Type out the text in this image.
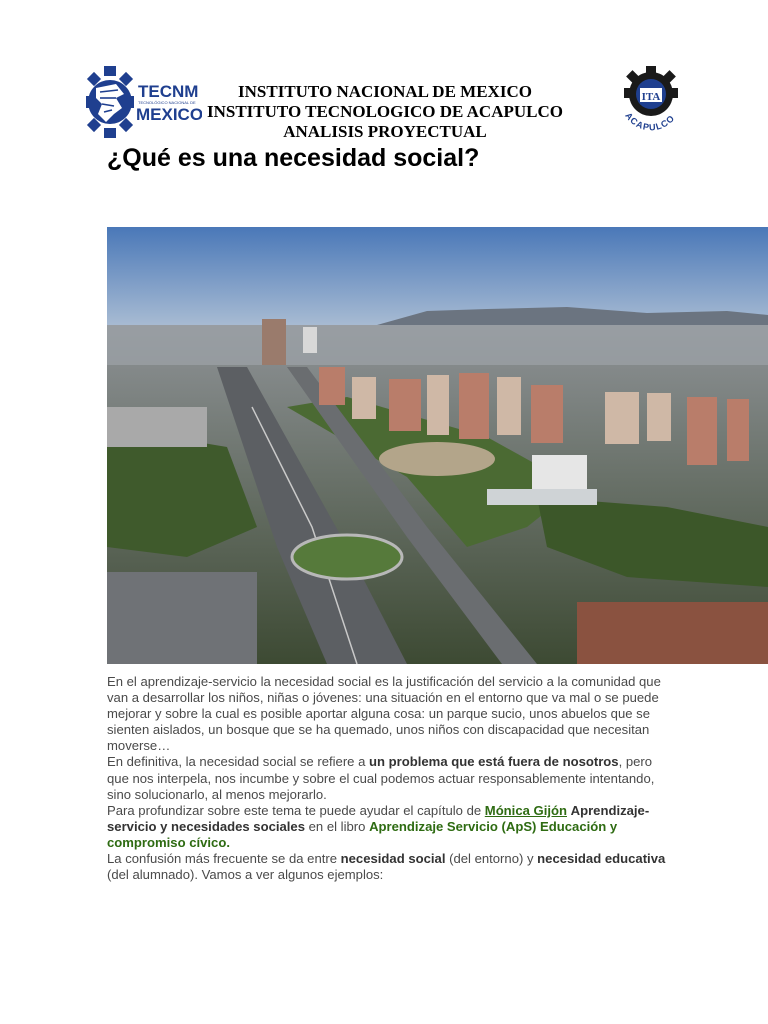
TECNM
TECNOLÓGICO NACIONAL DE
MEXICO
INSTITUTO NACIONAL DE MEXICO
INSTITUTO TECNOLOGICO DE ACAPULCO
ANALISIS PROYECTUAL
ITA
ACAPULCO
¿Qué es una necesidad social?

En el aprendizaje-servicio la necesidad social es la justificación del servicio a la comunidad que van a desarrollar los niños, niñas o jóvenes: una situación en el entorno que va mal o se puede mejorar y sobre la cual es posible aportar alguna cosa: un parque sucio, unos abuelos que se sienten aislados, un bosque que se ha quemado, unos niños con discapacidad que necesitan moverse…

En definitiva, la necesidad social se refiere a un problema que está fuera de nosotros, pero que nos interpela, nos incumbe y sobre el cual podemos actuar responsablemente intentando, sino solucionarlo, al menos mejorarlo.

Para profundizar sobre este tema te puede ayudar el capítulo de Mónica Gijón Aprendizaje-servicio y necesidades sociales en el libro Aprendizaje Servicio (ApS) Educación y compromiso cívico.

La confusión más frecuente se da entre necesidad social (del entorno) y necesidad educativa (del alumnado). Vamos a ver algunos ejemplos:
